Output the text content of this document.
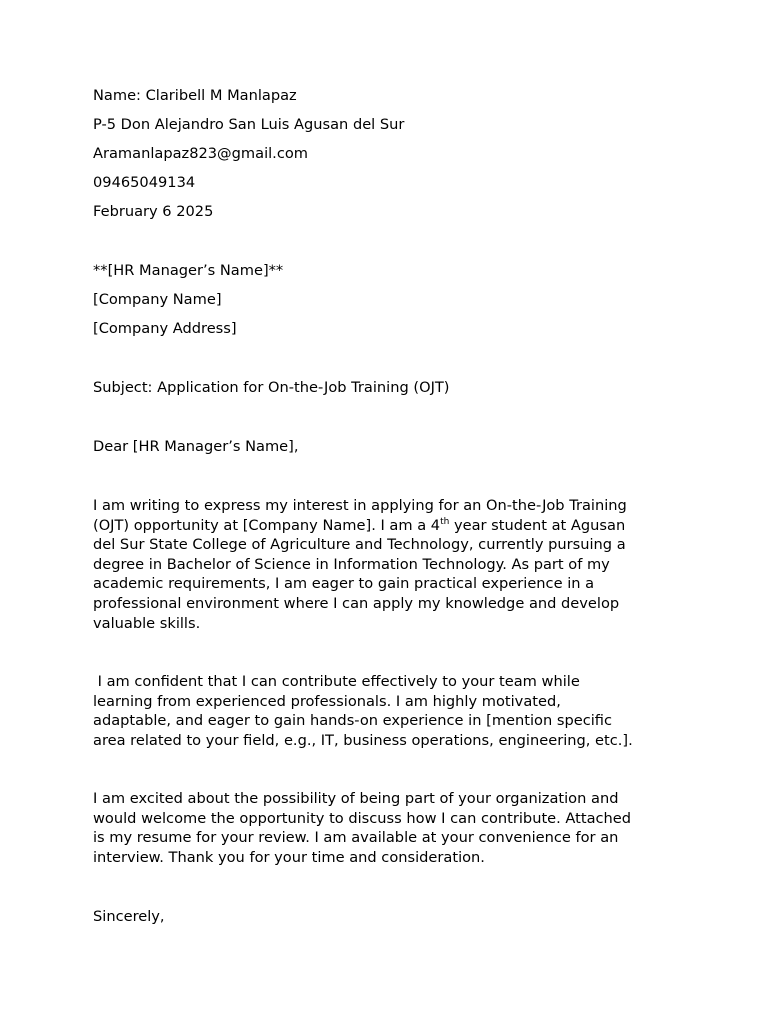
Name: Claribell M Manlapaz
P-5 Don Alejandro San Luis Agusan del Sur
Aramanlapaz823@gmail.com
09465049134
February 6 2025
**[HR Manager’s Name]**
[Company Name]
[Company Address]
Subject: Application for On-the-Job Training (OJT)
Dear [HR Manager’s Name],
I am writing to express my interest in applying for an On-the-Job Training
(OJT) opportunity at [Company Name]. I am a 4th year student at Agusan
del Sur State College of Agriculture and Technology, currently pursuing a
degree in Bachelor of Science in Information Technology. As part of my
academic requirements, I am eager to gain practical experience in a
professional environment where I can apply my knowledge and develop
valuable skills.
I am confident that I can contribute effectively to your team while
learning from experienced professionals. I am highly motivated,
adaptable, and eager to gain hands-on experience in [mention specific
area related to your field, e.g., IT, business operations, engineering, etc.].
I am excited about the possibility of being part of your organization and
would welcome the opportunity to discuss how I can contribute. Attached
is my resume for your review. I am available at your convenience for an
interview. Thank you for your time and consideration.
Sincerely,
